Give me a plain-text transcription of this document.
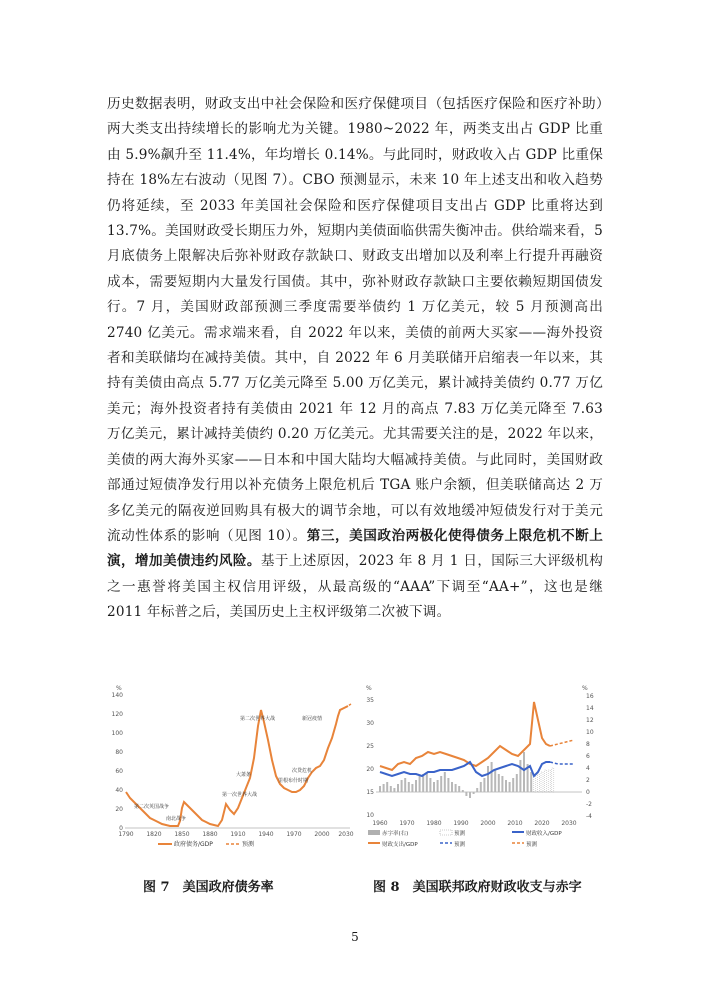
历史数据表明，财政支出中社会保险和医疗保健项目（包括医疗保险和医疗补助）两大类支出持续增长的影响尤为关键。1980~2022 年，两类支出占 GDP 比重由 5.9%飙升至 11.4%，年均增长 0.14%。与此同时，财政收入占 GDP 比重保持在 18%左右波动（见图 7）。CBO 预测显示，未来 10 年上述支出和收入趋势仍将延续，至 2033 年美国社会保险和医疗保健项目支出占 GDP 比重将达到 13.7%。美国财政受长期压力外，短期内美债面临供需失衡冲击。供给端来看，5 月底债务上限解决后弥补财政存款缺口、财政支出增加以及利率上行提升再融资成本，需要短期内大量发行国债。其中，弥补财政存款缺口主要依赖短期国债发行。7 月，美国财政部预测三季度需要举债约 1 万亿美元，较 5 月预测高出 2740 亿美元。需求端来看，自 2022 年以来，美债的前两大买家——海外投资者和美联储均在减持美债。其中，自 2022 年 6 月美联储开启缩表一年以来，其持有美债由高点 5.77 万亿美元降至 5.00 万亿美元，累计减持美债约 0.77 万亿美元；海外投资者持有美债由 2021 年 12 月的高点 7.83 万亿美元降至 7.63 万亿美元，累计减持美债约 0.20 万亿美元。尤其需要关注的是，2022 年以来，美债的两大海外买家——日本和中国大陆均大幅减持美债。与此同时，美国财政部通过短债净发行用以补充债务上限危机后 TGA 账户余额，但美联储高达 2 万多亿美元的隔夜逆回购具有极大的调节余地，可以有效地缓冲短债发行对于美元流动性体系的影响（见图 10）。第三，美国政治两极化使得债务上限危机不断上演，增加美债违约风险。基于上述原因，2023 年 8 月 1 日，国际三大评级机构之一惠誉将美国主权信用评级，从最高级的“AAA”下调至“AA+”，这也是继 2011 年标普之后，美国历史上主权评级第二次被下调。

%
140
120
100
80
60
40
20
0
1790 1820 1850 1880 1910 1940 1970 2000 2030
第二次英国战争
南北战争
第一次世界大战
大萧条
第二次世界大战
次贷危机
新冠疫情
里根布什时期
政府债务/GDP	预测
%	%
35
30
25
20
15
10
16
14
12
10
8
6
4
2
0
-2
-4
1960 1970 1980 1990 2000 2010 2020 2030
赤字率(右)	预测	财政收入/GDP
财政支出/GDP	预测	预测
图 7　美国政府债务率	图 8　美国联邦政府财政收支与赤字
5
